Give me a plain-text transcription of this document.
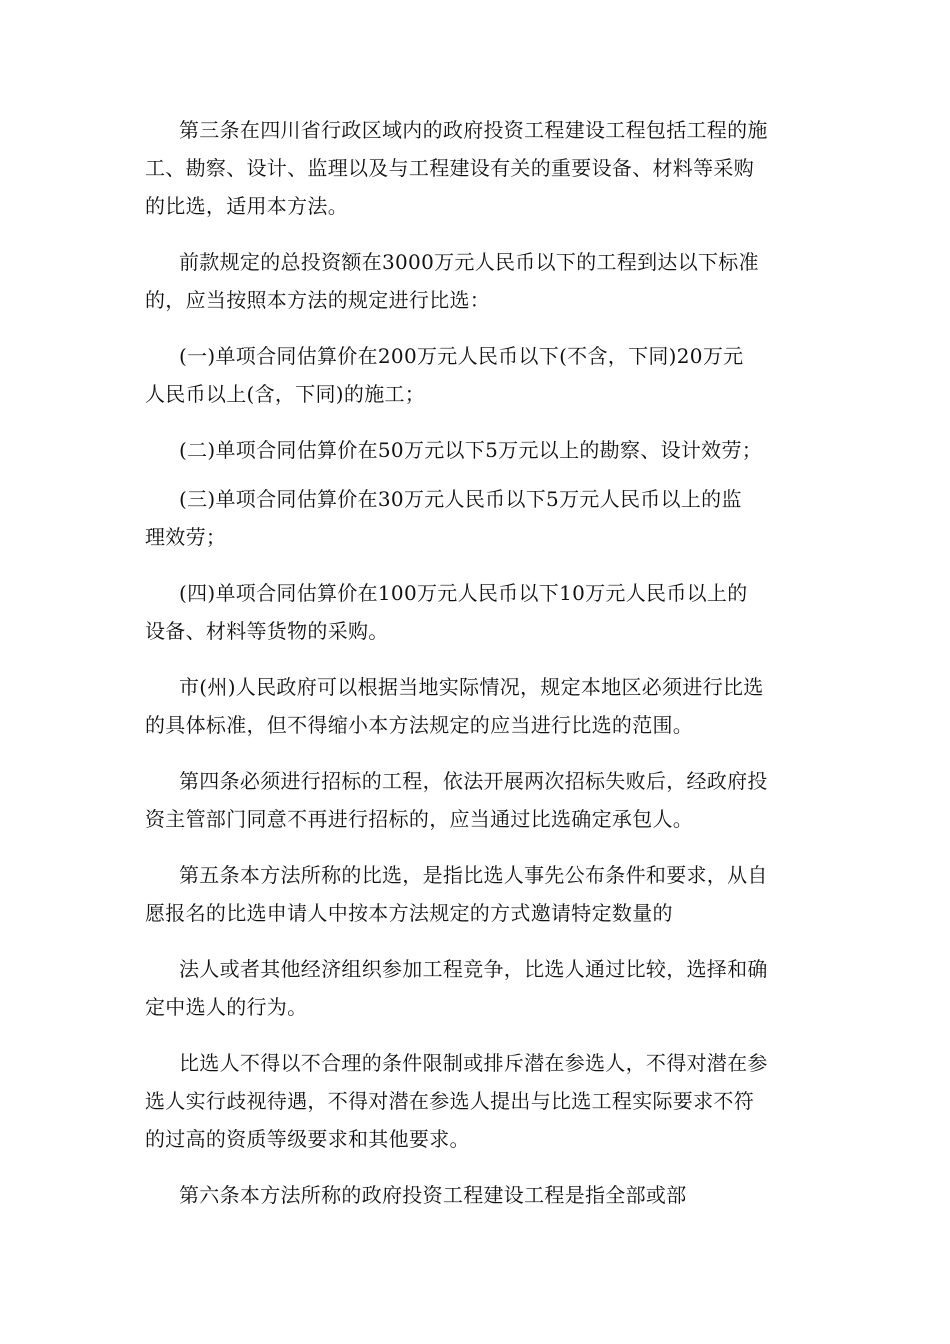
第三条在四川省行政区域内的政府投资工程建设工程包括工程的施
工、勘察、设计、监理以及与工程建设有关的重要设备、材料等采购
的比选，适用本方法。

前款规定的总投资额在3000万元人民币以下的工程到达以下标准
的，应当按照本方法的规定进行比选：

(一)单项合同估算价在200万元人民币以下(不含，下同)20万元
人民币以上(含，下同)的施工；

(二)单项合同估算价在50万元以下5万元以上的勘察、设计效劳；

(三)单项合同估算价在30万元人民币以下5万元人民币以上的监
理效劳；

(四)单项合同估算价在100万元人民币以下10万元人民币以上的
设备、材料等货物的采购。

市(州)人民政府可以根据当地实际情况，规定本地区必须进行比选
的具体标准，但不得缩小本方法规定的应当进行比选的范围。

第四条必须进行招标的工程，依法开展两次招标失败后，经政府投
资主管部门同意不再进行招标的，应当通过比选确定承包人。

第五条本方法所称的比选，是指比选人事先公布条件和要求，从自
愿报名的比选申请人中按本方法规定的方式邀请特定数量的

法人或者其他经济组织参加工程竞争，比选人通过比较，选择和确
定中选人的行为。

比选人不得以不合理的条件限制或排斥潜在参选人，不得对潜在参
选人实行歧视待遇，不得对潜在参选人提出与比选工程实际要求不符
的过高的资质等级要求和其他要求。

第六条本方法所称的政府投资工程建设工程是指全部或部
